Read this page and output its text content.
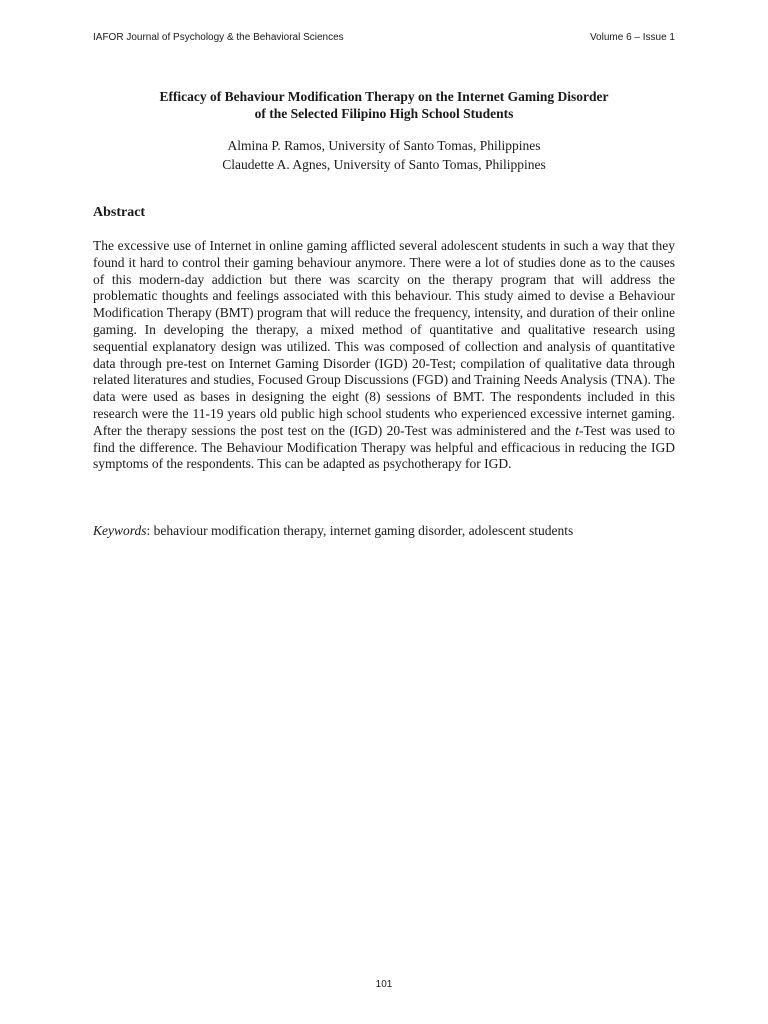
IAFOR Journal of Psychology & the Behavioral Sciences	Volume 6 – Issue 1
Efficacy of Behaviour Modification Therapy on the Internet Gaming Disorder
of the Selected Filipino High School Students
Almina P. Ramos, University of Santo Tomas, Philippines
Claudette A. Agnes, University of Santo Tomas, Philippines
Abstract

The excessive use of Internet in online gaming afflicted several adolescent students in such a way that they found it hard to control their gaming behaviour anymore. There were a lot of studies done as to the causes of this modern-day addiction but there was scarcity on the therapy program that will address the problematic thoughts and feelings associated with this behaviour. This study aimed to devise a Behaviour Modification Therapy (BMT) program that will reduce the frequency, intensity, and duration of their online gaming. In developing the therapy, a mixed method of quantitative and qualitative research using sequential explanatory design was utilized. This was composed of collection and analysis of quantitative data through pre-test on Internet Gaming Disorder (IGD) 20-Test; compilation of qualitative data through related literatures and studies, Focused Group Discussions (FGD) and Training Needs Analysis (TNA). The data were used as bases in designing the eight (8) sessions of BMT. The respondents included in this research were the 11-19 years old public high school students who experienced excessive internet gaming. After the therapy sessions the post test on the (IGD) 20-Test was administered and the t-Test was used to find the difference. The Behaviour Modification Therapy was helpful and efficacious in reducing the IGD symptoms of the respondents. This can be adapted as psychotherapy for IGD.

Keywords: behaviour modification therapy, internet gaming disorder, adolescent students

101
